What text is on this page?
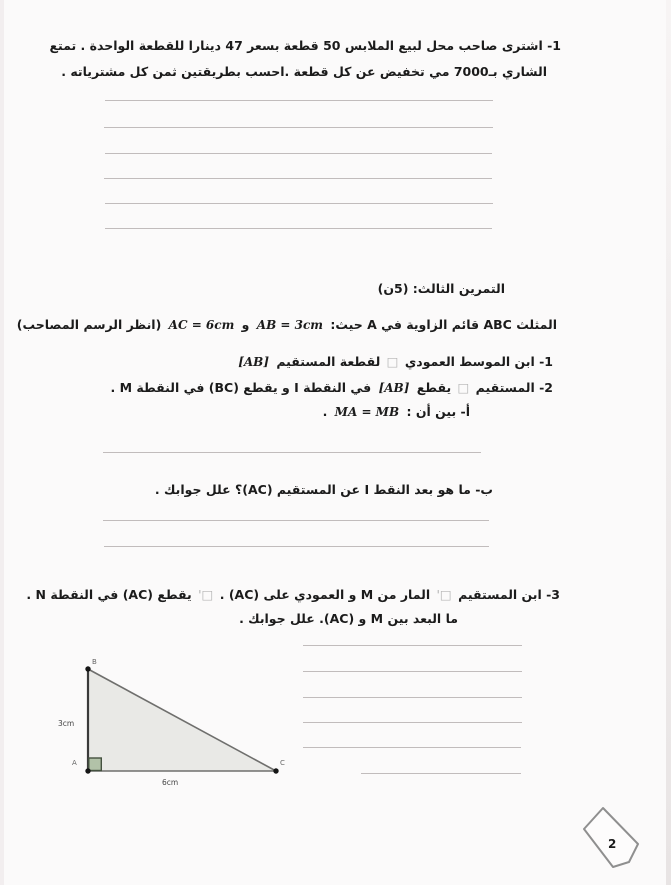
1- اشترى صاحب محل لبيع الملابس 50 قطعة بسعر 47 دينارا للقطعة الواحدة . تمتع
الشاري بـ7000 مي تخفيض عن كل قطعة .احسب بطريقتين ثمن كل مشترياته .
التمرين الثالث: (5ن)
المثلث ABC قائم الزاوية في A حيث: AB = 3cm و AC = 6cm (انظر الرسم المصاحب)
1- ابن الموسط العمودي □ لقطعة المستقيم [AB]
2- المستقيم □ يقطع [AB] في النقطة I و يقطع (BC) في النقطة M .
أ- بين أن : MA = MB .
ب- ما هو بعد النقط I عن المستقيم (AC)؟ علل جوابك .
3- ابن المستقيم □' المار من M و العمودي على (AC) . □' يقطع (AC) في النقطة N .
ما البعد بين M و (AC). علل جوابك .
B
A	C
3cm
6cm
2
